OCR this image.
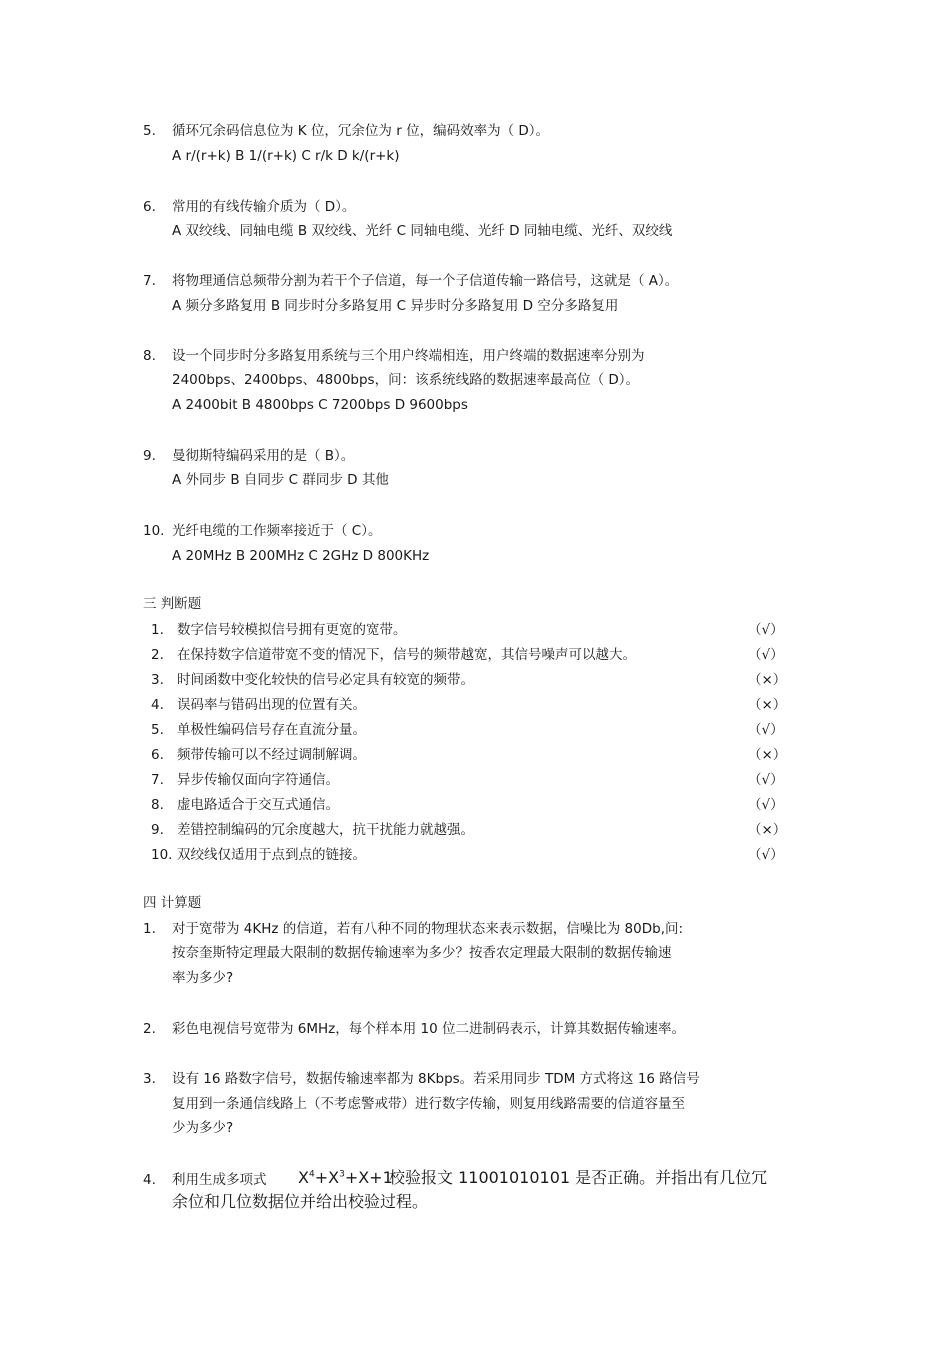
5. 循环冗余码信息位为 K 位，冗余位为 r 位，编码效率为（ D）。
A r/(r+k) B 1/(r+k) C r/k D k/(r+k)
6. 常用的有线传输介质为（ D）。
A 双绞线、同轴电缆 B 双绞线、光纤 C 同轴电缆、光纤 D 同轴电缆、光纤、双绞线
7. 将物理通信总频带分割为若干个子信道，每一个子信道传输一路信号，这就是（ A）。
A 频分多路复用 B 同步时分多路复用 C 异步时分多路复用 D 空分多路复用
8. 设一个同步时分多路复用系统与三个用户终端相连，用户终端的数据速率分别为
2400bps、2400bps、4800bps，问：该系统线路的数据速率最高位（ D）。
A 2400bit B 4800bps C 7200bps D 9600bps
9. 曼彻斯特编码采用的是（ B）。
A 外同步 B 自同步 C 群同步 D 其他
10. 光纤电缆的工作频率接近于（ C）。
A 20MHz B 200MHz C 2GHz D 800KHz
三 判断题
1. 数字信号较模拟信号拥有更宽的宽带。	（√）
2. 在保持数字信道带宽不变的情况下，信号的频带越宽，其信号噪声可以越大。	（√）
3. 时间函数中变化较快的信号必定具有较宽的频带。	（×）
4. 误码率与错码出现的位置有关。	（×）
5. 单极性编码信号存在直流分量。	（√）
6. 频带传输可以不经过调制解调。	（×）
7. 异步传输仅面向字符通信。	（√）
8. 虚电路适合于交互式通信。	（√）
9. 差错控制编码的冗余度越大，抗干扰能力就越强。	（×）
10. 双绞线仅适用于点到点的链接。	（√）
四 计算题
1. 对于宽带为 4KHz 的信道，若有八种不同的物理状态来表示数据，信噪比为 80Db,问:
按奈奎斯特定理最大限制的数据传输速率为多少？按香农定理最大限制的数据传输速
率为多少?
2. 彩色电视信号宽带为 6MHz，每个样本用 10 位二进制码表示，计算其数据传输速率。
3. 设有 16 路数字信号，数据传输速率都为 8Kbps。若采用同步 TDM 方式将这 16 路信号
复用到一条通信线路上（不考虑警戒带）进行数字传输，则复用线路需要的信道容量至
少为多少?
4. 利用生成多项式 $X^4+X^3+X+1$
校验报文 11001010101 是否正确。并指出有几位冗
余位和几位数据位并给出校验过程。
